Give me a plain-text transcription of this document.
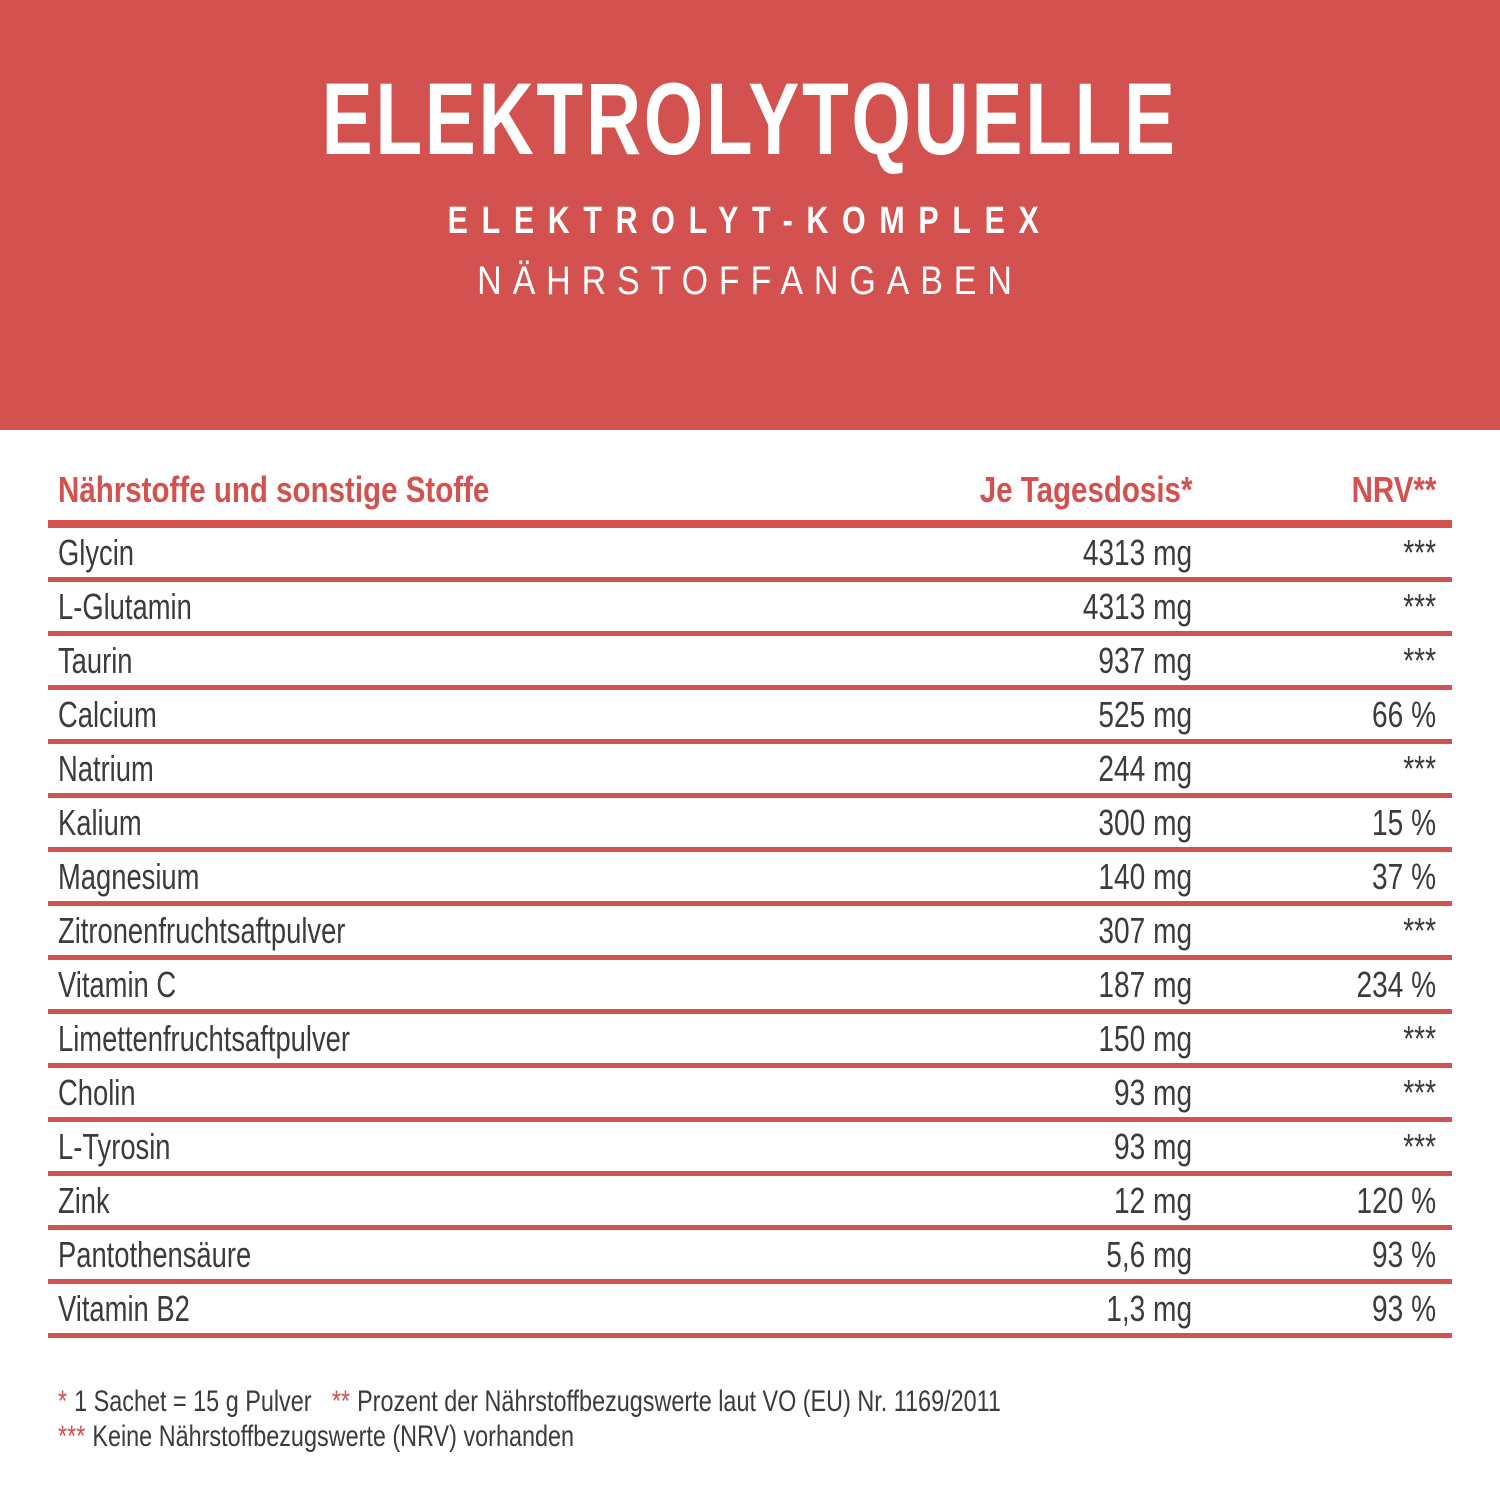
ELEKTROLYTQUELLE
ELEKTROLYT-KOMPLEX
NÄHRSTOFFANGABEN
Nährstoffe und sonstige Stoffe	Je Tagesdosis*	NRV**
Glycin	4313 mg	***
L-Glutamin	4313 mg	***
Taurin	937 mg	***
Calcium	525 mg	66 %
Natrium	244 mg	***
Kalium	300 mg	15 %
Magnesium	140 mg	37 %
Zitronenfruchtsaftpulver	307 mg	***
Vitamin C	187 mg	234 %
Limettenfruchtsaftpulver	150 mg	***
Cholin	93 mg	***
L-Tyrosin	93 mg	***
Zink	12 mg	120 %
Pantothensäure	5,6 mg	93 %
Vitamin B2	1,3 mg	93 %
* 1 Sachet = 15 g Pulver ** Prozent der Nährstoffbezugswerte laut VO (EU) Nr. 1169/2011
*** Keine Nährstoffbezugswerte (NRV) vorhanden
